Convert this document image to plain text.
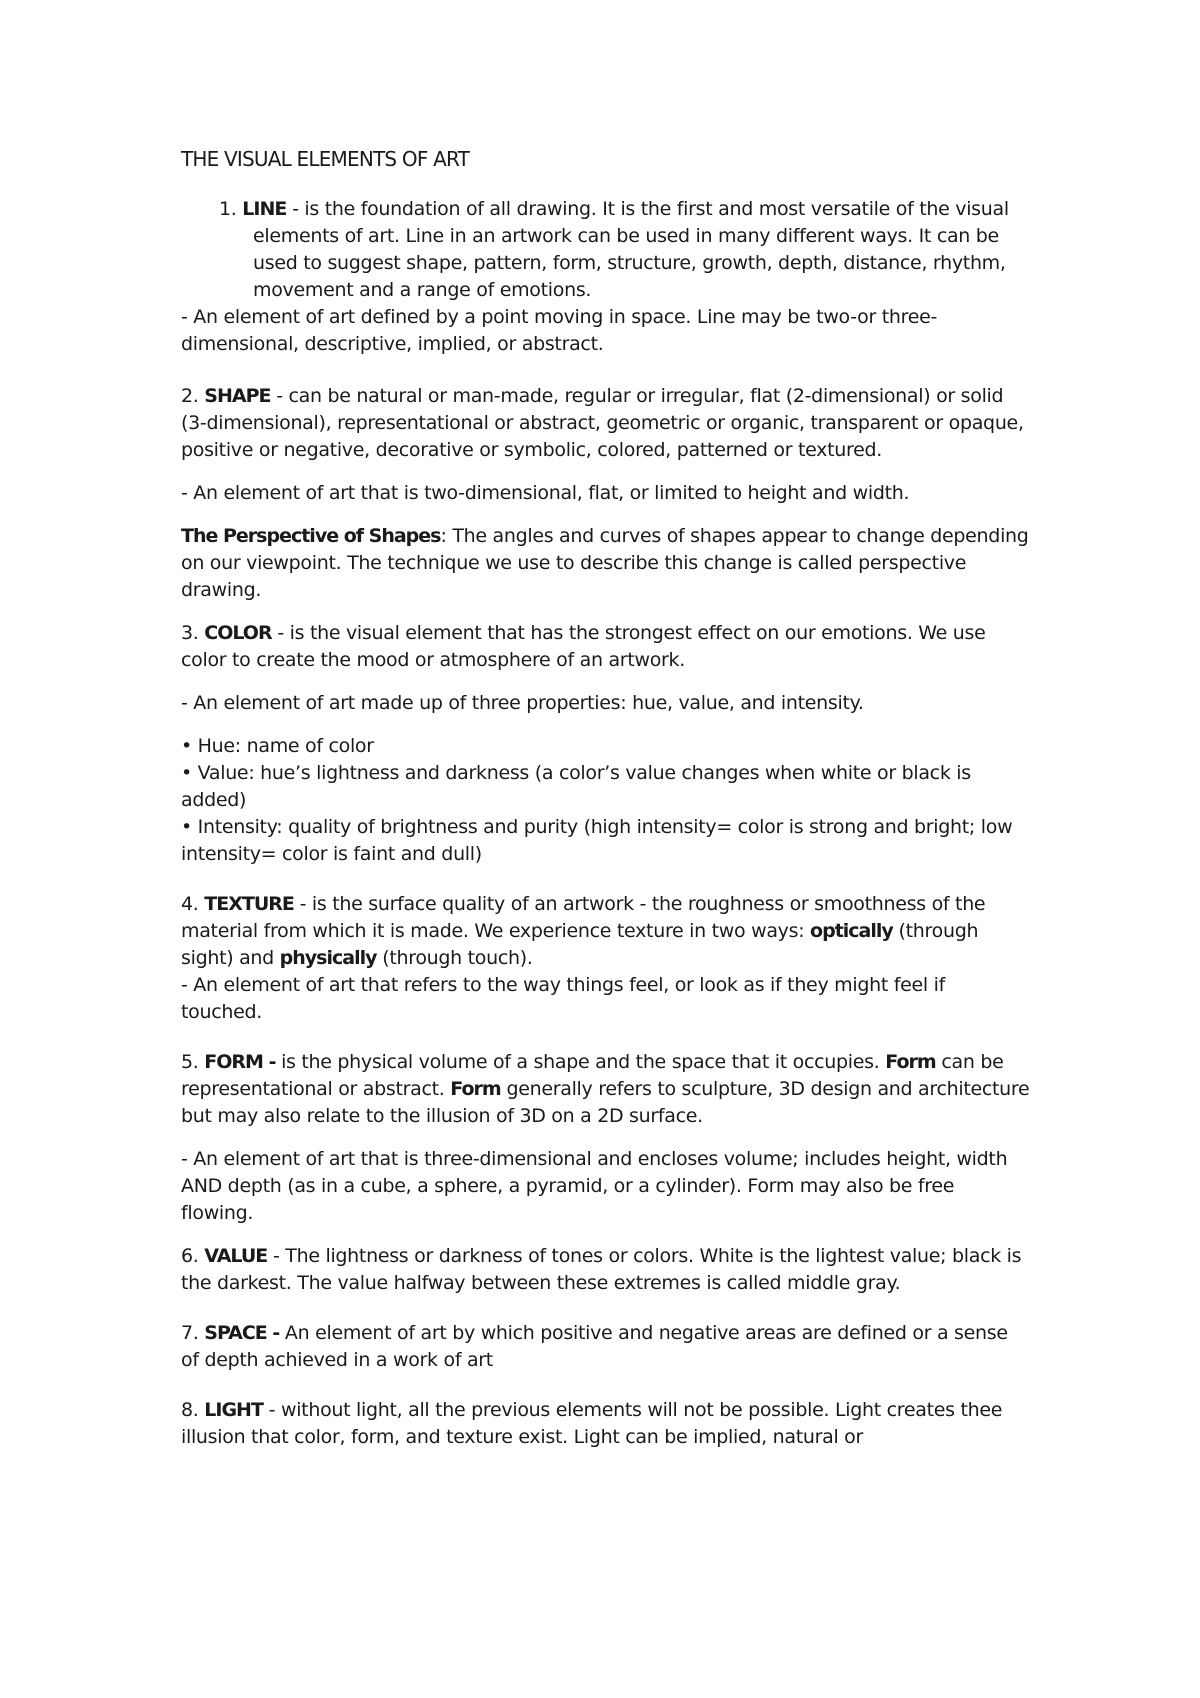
THE VISUAL ELEMENTS OF ART

1. LINE - is the foundation of all drawing. It is the first and most versatile of the visual elements of art. Line in an artwork can be used in many different ways. It can be used to suggest shape, pattern, form, structure, growth, depth, distance, rhythm, movement and a range of emotions.

- An element of art defined by a point moving in space. Line may be two-or three-dimensional, descriptive, implied, or abstract.

2. SHAPE - can be natural or man-made, regular or irregular, flat (2-dimensional) or solid (3-dimensional), representational or abstract, geometric or organic, transparent or opaque, positive or negative, decorative or symbolic, colored, patterned or textured.

- An element of art that is two-dimensional, flat, or limited to height and width.

The Perspective of Shapes: The angles and curves of shapes appear to change depending on our viewpoint. The technique we use to describe this change is called perspective drawing.

3. COLOR - is the visual element that has the strongest effect on our emotions. We use color to create the mood or atmosphere of an artwork.

- An element of art made up of three properties: hue, value, and intensity.

• Hue: name of color

• Value: hue’s lightness and darkness (a color’s value changes when white or black is added)

• Intensity: quality of brightness and purity (high intensity= color is strong and bright; low intensity= color is faint and dull)

4. TEXTURE - is the surface quality of an artwork - the roughness or smoothness of the material from which it is made. We experience texture in two ways: optically (through sight) and physically (through touch).

- An element of art that refers to the way things feel, or look as if they might feel if touched.

5. FORM - is the physical volume of a shape and the space that it occupies. Form can be representational or abstract. Form generally refers to sculpture, 3D design and architecture but may also relate to the illusion of 3D on a 2D surface.

- An element of art that is three-dimensional and encloses volume; includes height, width AND depth (as in a cube, a sphere, a pyramid, or a cylinder). Form may also be free flowing.

6. VALUE - The lightness or darkness of tones or colors. White is the lightest value; black is the darkest. The value halfway between these extremes is called middle gray.

7. SPACE - An element of art by which positive and negative areas are defined or a sense of depth achieved in a work of art

8. LIGHT - without light, all the previous elements will not be possible. Light creates thee illusion that color, form, and texture exist. Light can be implied, natural or
